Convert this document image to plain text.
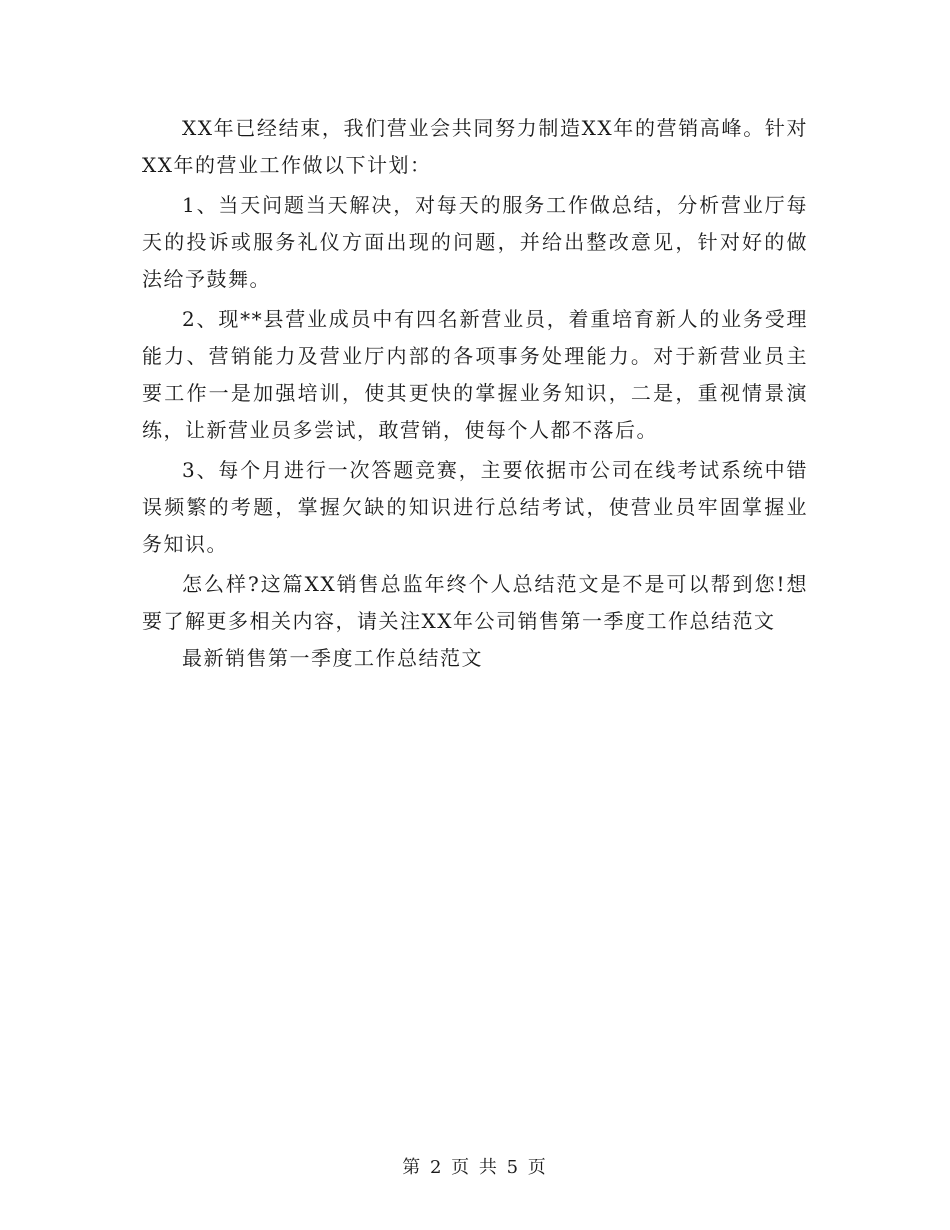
XX年已经结束，我们营业会共同努力制造XX年的营销高峰。针对XX年的营业工作做以下计划：

1、当天问题当天解决，对每天的服务工作做总结，分析营业厅每天的投诉或服务礼仪方面出现的问题，并给出整改意见，针对好的做法给予鼓舞。

2、现**县营业成员中有四名新营业员，着重培育新人的业务受理能力、营销能力及营业厅内部的各项事务处理能力。对于新营业员主要工作一是加强培训，使其更快的掌握业务知识，二是，重视情景演练，让新营业员多尝试，敢营销，使每个人都不落后。

3、每个月进行一次答题竞赛，主要依据市公司在线考试系统中错误频繁的考题，掌握欠缺的知识进行总结考试，使营业员牢固掌握业务知识。

怎么样?这篇XX销售总监年终个人总结范文是不是可以帮到您!想要了解更多相关内容，请关注XX年公司销售第一季度工作总结范文

最新销售第一季度工作总结范文

第 2 页 共 5 页
